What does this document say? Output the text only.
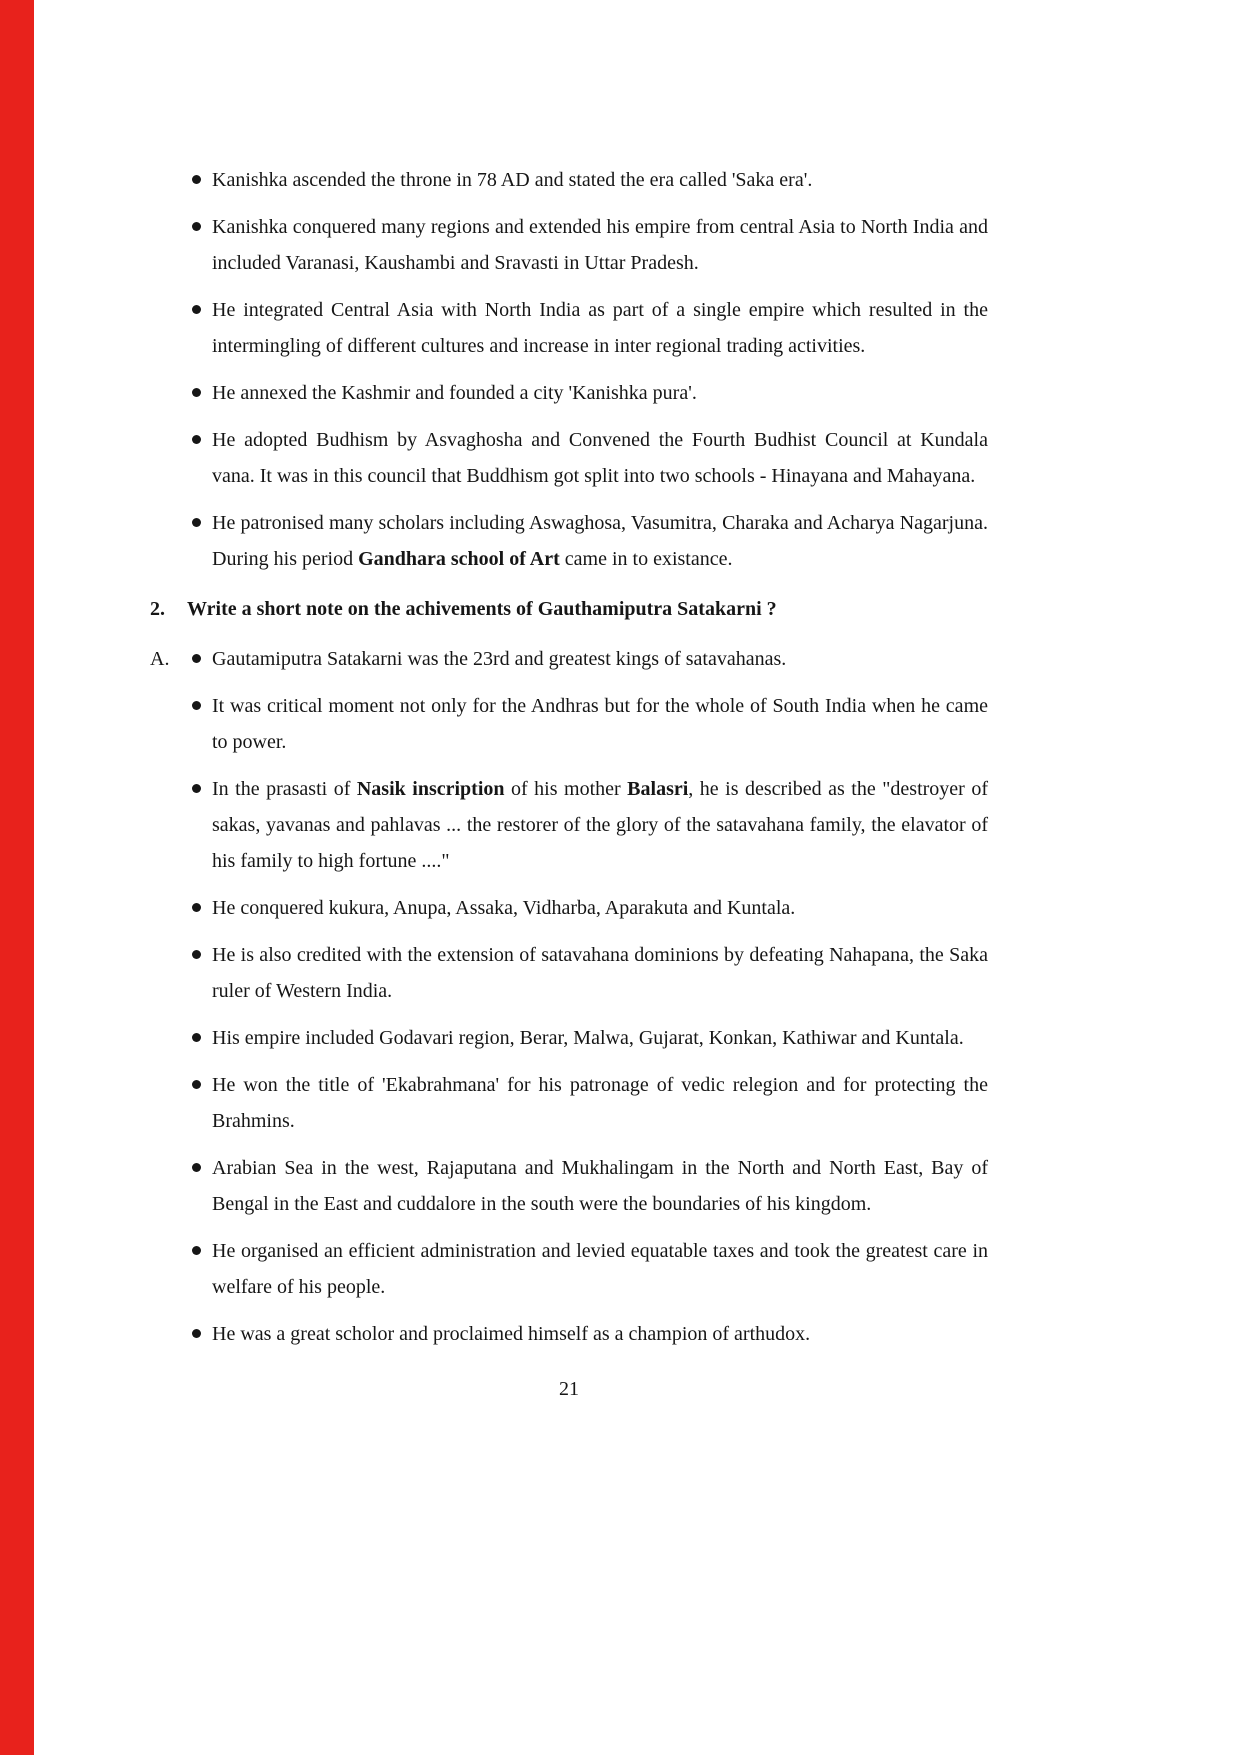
Kanishka ascended the throne in 78 AD and stated the era called 'Saka era'.
Kanishka conquered many regions and extended his empire from central Asia to North India and included Varanasi, Kaushambi and Sravasti in Uttar Pradesh.
He integrated Central Asia with North India as part of a single empire which resulted in the intermingling of different cultures and increase in inter regional trading activities.
He annexed the Kashmir and founded a city 'Kanishka pura'.
He adopted Budhism by Asvaghosha and Convened the Fourth Budhist Council at Kundala vana. It was in this council that Buddhism got split into two schools - Hinayana and Mahayana.
He patronised many scholars including Aswaghosa, Vasumitra, Charaka and Acharya Nagarjuna. During his period Gandhara school of Art came in to existance.
2.	Write a short note on the achivements of Gauthamiputra Satakarni ?
A.	Gautamiputra Satakarni was the 23rd and greatest kings of satavahanas.
It was critical moment not only for the Andhras but for the whole of South India when he came to power.
In the prasasti of Nasik inscription of his mother Balasri, he is described as the "destroyer of sakas, yavanas and pahlavas ... the restorer of the glory of the satavahana family, the elavator of his family to high fortune ...."
He conquered kukura, Anupa, Assaka, Vidharba, Aparakuta and Kuntala.
He is also credited with the extension of satavahana dominions by defeating Nahapana, the Saka ruler of Western India.
His empire included Godavari region, Berar, Malwa, Gujarat, Konkan, Kathiwar and Kuntala.
He won the title of 'Ekabrahmana' for his patronage of vedic relegion and for protecting the Brahmins.
Arabian Sea in the west, Rajaputana and Mukhalingam in the North and North East, Bay of Bengal in the East and cuddalore in the south were the boundaries of his kingdom.
He organised an efficient administration and levied equatable taxes and took the greatest care in welfare of his people.
He was a great scholor and proclaimed himself as a champion of arthudox.
21
